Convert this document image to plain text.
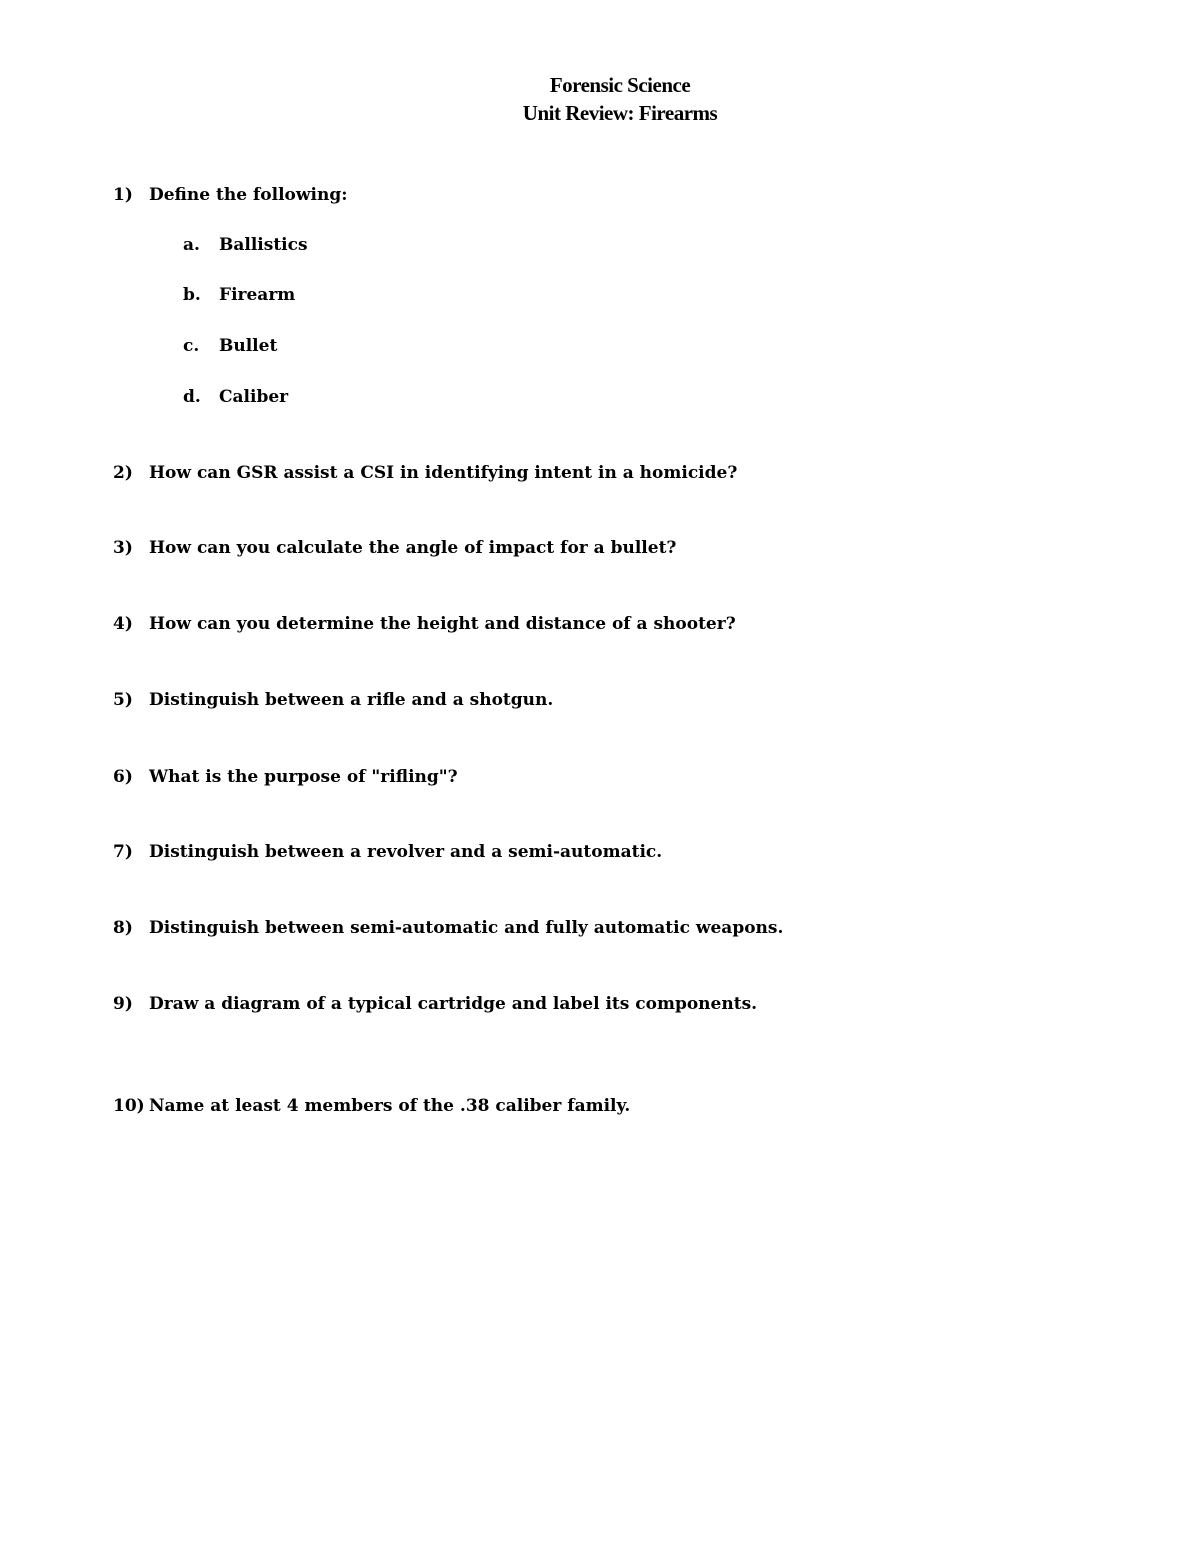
Forensic Science
Unit Review: Firearms
1) Define the following:
a. Ballistics
b. Firearm
c. Bullet
d. Caliber
2) How can GSR assist a CSI in identifying intent in a homicide?
3) How can you calculate the angle of impact for a bullet?
4) How can you determine the height and distance of a shooter?
5) Distinguish between a rifle and a shotgun.
6) What is the purpose of "rifling"?
7) Distinguish between a revolver and a semi-automatic.
8) Distinguish between semi-automatic and fully automatic weapons.
9) Draw a diagram of a typical cartridge and label its components.
10) Name at least 4 members of the .38 caliber family.
